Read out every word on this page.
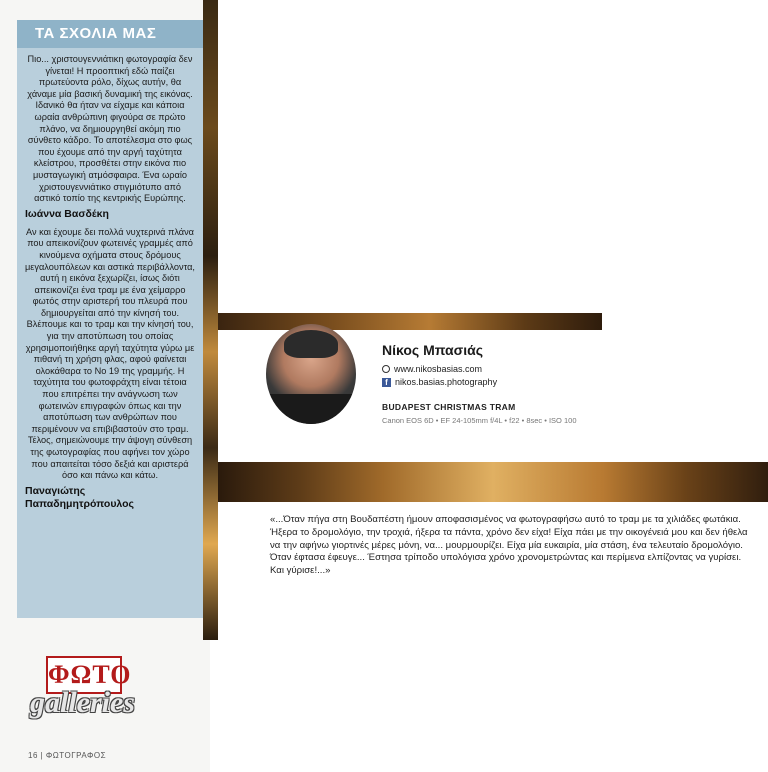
ΤΑ ΣΧΟΛΙΑ ΜΑΣ

Πιο... χριστουγεννιάτικη φωτογραφία δεν γίνεται! Η προοπτική εδώ παίζει πρωτεύοντα ρόλο, δίχως αυτήν, θα χάναμε μία βασική δυναμική της εικόνας. Ιδανικό θα ήταν να είχαμε και κάποια ωραία ανθρώπινη φιγούρα σε πρώτο πλάνο, να δημιουργηθεί ακόμη πιο σύνθετο κάδρο. Το αποτέλεσμα στο φως που έχουμε από την αργή ταχύτητα κλείστρου, προσθέτει στην εικόνα πιο μυσταγωγική ατμόσφαιρα. Ένα ωραίο χριστουγεννιάτικο στιγμιότυπο από αστικό τοπίο της κεντρικής Ευρώπης.

Ιωάννα Βασδέκη

Αν και έχουμε δει πολλά νυχτερινά πλάνα που απεικονίζουν φωτεινές γραμμές από κινούμενα οχήματα στους δρόμους μεγαλουπόλεων και αστικά περιβάλλοντα, αυτή η εικόνα ξεχωρίζει, ίσως διότι απεικονίζει ένα τραμ με ένα χείμαρρο φωτός στην αριστερή του πλευρά που δημιουργείται από την κίνησή του. Βλέπουμε και το τραμ και την κίνησή του, για την αποτύπωση του οποίας χρησιμοποιήθηκε αργή ταχύτητα γύρω με πιθανή τη χρήση φλας, αφού φαίνεται ολοκάθαρα το Νο 19 της γραμμής. Η ταχύτητα του φωτοφράχτη είναι τέτοια που επιτρέπει την ανάγνωση των φωτεινών επιγραφών όπως και την αποτύπωση των ανθρώπων που περιμένουν να επιβιβαστούν στο τραμ. Τέλος, σημειώνουμε την άψογη σύνθεση της φωτογραφίας που αφήνει τον χώρο που απαιτείται τόσο δεξιά και αριστερά όσο και πάνω και κάτω.

Παναγιώτης Παπαδημητρόπουλος

ΦΩΤΟ
galleries
16 | ΦΩΤΟΓΡΑΦΟΣ
Νίκος Μπασιάς
www.nikosbasias.com
f nikos.basias.photography
BUDAPEST CHRISTMAS TRAM
Canon EOS 6D • EF 24-105mm f/4L • f22 • 8sec • ISO 100
«...Όταν πήγα στη Βουδαπέστη ήμουν αποφασισμένος να φωτογραφήσω αυτό το τραμ με τα χιλιάδες φωτάκια. Ήξερα το δρομολόγιο, την τροχιά, ήξερα τα πάντα, χρόνο δεν είχα! Είχα πάει με την οικογένειά μου και δεν ήθελα να την αφήνω γιορτινές μέρες μόνη, να... μουρμουρίζει. Είχα μία ευκαιρία, μία στάση, ένα τελευταίο δρομολόγιο. Όταν έφτασα έφευγε... Έστησα τρίποδο υπολόγισα χρόνο χρονομετρώντας και περίμενα ελπίζοντας να γυρίσει. Και γύρισε!...»
